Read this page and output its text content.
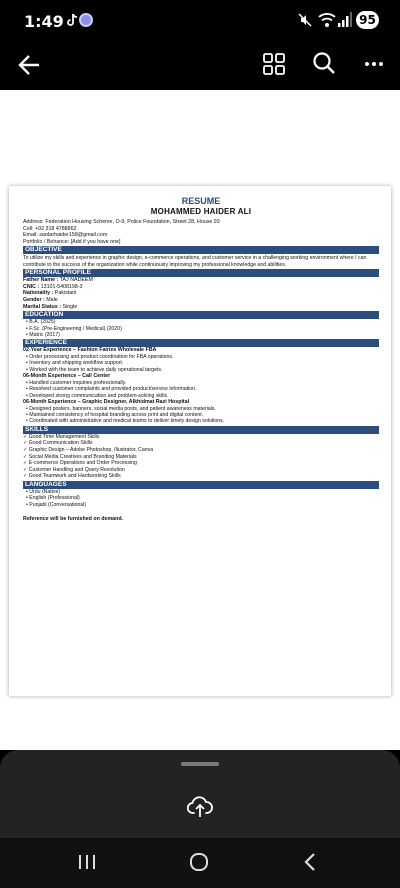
1:49	95
RESUME
MOHAMMED HAIDER ALI
Address: Federation Housing Scheme, O-9, Police Foundation, Street 28, House 93
Cell: +92 318 4788862
Email: sardarhaider158@gmail.com
Portfolio / Behance: [Add if you have one]
OBJECTIVE
To utilize my skills and experience in graphic design, e-commerce operations, and customer service in a challenging working environment where I can contribute to the success of the organization while continuously improving my professional knowledge and abilities.
PERSONAL PROFILE
Father Name : TAJ NADEEM
CNIC : 13101-5408198-3
Nationality : Pakistani
Gender : Male
Marital Status : Single
EDUCATION
• B.A. (2025)
• F.Sc. (Pre-Engineering / Medical) (2020)
• Matric (2017)
EXPERIENCE
02-Year Experience – Fashion Fairies Wholesale FBA
• Order processing and product coordination for FBA operations.
• Inventory and shipping workflow support.
• Worked with the team to achieve daily operational targets.
06-Month Experience – Call Center
• Handled customer inquiries professionally.
• Resolved customer complaints and provided product/service information.
• Developed strong communication and problem-solving skills.
06-Month Experience – Graphic Designer, Alkhidmat Razi Hospital
• Designed posters, banners, social media posts, and patient awareness materials.
• Maintained consistency of hospital branding across print and digital content.
• Coordinated with administrative and medical teams to deliver timely design solutions.
SKILLS
✓ Good Time Management Skills
✓ Good Communication Skills
✓ Graphic Design – Adobe Photoshop, Illustrator, Canva
✓ Social Media Creatives and Branding Materials
✓ E-commerce Operations and Order Processing
✓ Customer Handling and Query Resolution
✓ Good Teamwork and Hardworking Skills
LANGUAGES
• Urdu (Native)
• English (Professional)
• Punjabi (Conversational)
Reference will be furnished on demand.
